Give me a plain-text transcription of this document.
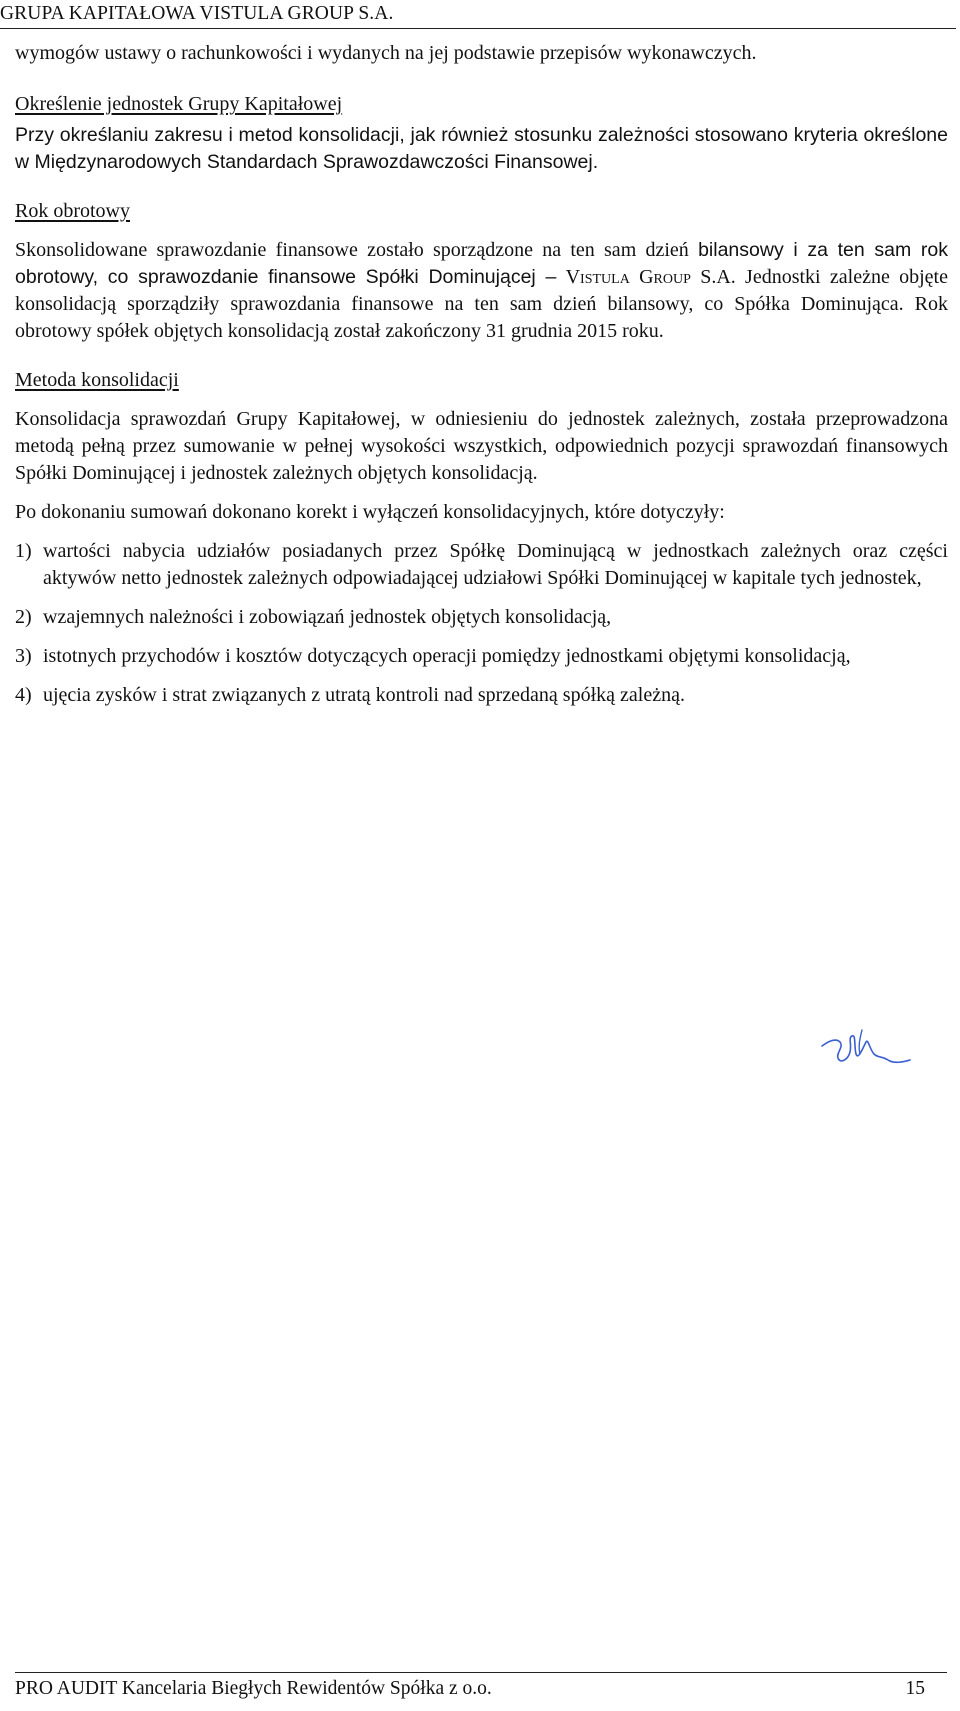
GRUPA KAPITAŁOWA VISTULA GROUP S.A.

wymogów ustawy o rachunkowości i wydanych na jej podstawie przepisów wykonawczych.

Określenie jednostek Grupy Kapitałowej

Przy określaniu zakresu i metod konsolidacji, jak również stosunku zależności stosowano kryteria określone w Międzynarodowych Standardach Sprawozdawczości Finansowej.

Rok obrotowy

Skonsolidowane sprawozdanie finansowe zostało sporządzone na ten sam dzień bilansowy i za ten sam rok obrotowy, co sprawozdanie finansowe Spółki Dominującej – Vistula Group S.A. Jednostki zależne objęte konsolidacją sporządziły sprawozdania finansowe na ten sam dzień bilansowy, co Spółka Dominująca. Rok obrotowy spółek objętych konsolidacją został zakończony 31 grudnia 2015 roku.

Metoda konsolidacji

Konsolidacja sprawozdań Grupy Kapitałowej, w odniesieniu do jednostek zależnych, została przeprowadzona metodą pełną przez sumowanie w pełnej wysokości wszystkich, odpowiednich pozycji sprawozdań finansowych Spółki Dominującej i jednostek zależnych objętych konsolidacją.

Po dokonaniu sumowań dokonano korekt i wyłączeń konsolidacyjnych, które dotyczyły:

1) wartości nabycia udziałów posiadanych przez Spółkę Dominującą w jednostkach zależnych oraz części aktywów netto jednostek zależnych odpowiadającej udziałowi Spółki Dominującej w kapitale tych jednostek,
2) wzajemnych należności i zobowiązań jednostek objętych konsolidacją,
3) istotnych przychodów i kosztów dotyczących operacji pomiędzy jednostkami objętymi konsolidacją,
4) ujęcia zysków i strat związanych z utratą kontroli nad sprzedaną spółką zależną.
PRO AUDIT Kancelaria Biegłych Rewidentów Spółka z o.o.	15
